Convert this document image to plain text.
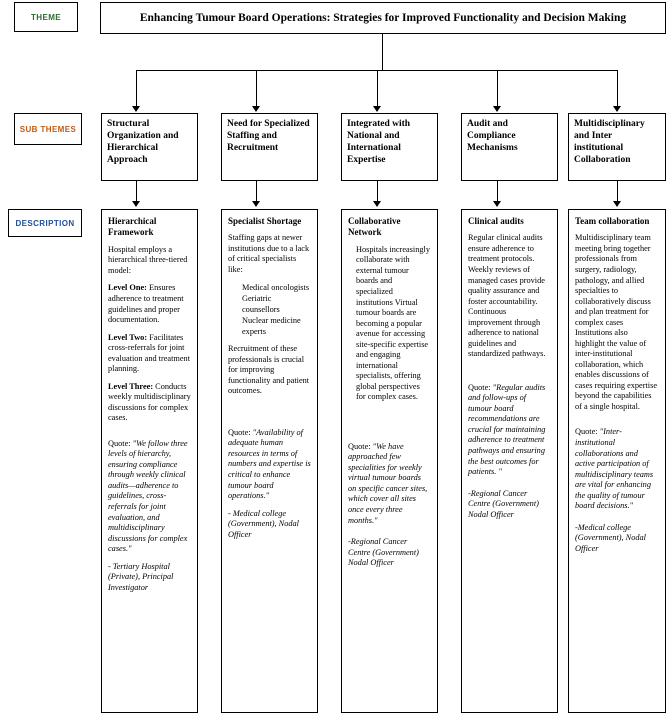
THEME
SUB THEMES
DESCRIPTION
Enhancing Tumour Board Operations: Strategies for Improved Functionality and Decision Making
Structural Organization and Hierarchical Approach
Need for Specialized Staffing and Recruitment
Integrated with National and International Expertise
Audit and Compliance Mechanisms
Multidisciplinary and Inter institutional Collaboration
Hierarchical Framework

Hospital employs a hierarchical three-tiered model:

Level One: Ensures adherence to treatment guidelines and proper documentation.

Level Two: Facilitates cross-referrals for joint evaluation and treatment planning.

Level Three: Conducts weekly multidisciplinary discussions for complex cases.

Quote: "We follow three levels of hierarchy, ensuring compliance through weekly clinical audits—adherence to guidelines, cross-referrals for joint evaluation, and multidisciplinary discussions for complex cases."

- Tertiary Hospital (Private), Principal Investigator

Specialist Shortage

Staffing gaps at newer institutions due to a lack of critical specialists like:

Medical oncologists
Geriatric counsellors
Nuclear medicine experts

Recruitment of these professionals is crucial for improving functionality and patient outcomes.

Quote: "Availability of adequate human resources in terms of numbers and expertise is critical to enhance tumour board operations."

- Medical college (Government), Nodal Officer

Collaborative Network

Hospitals increasingly collaborate with external tumour boards and specialized institutions Virtual tumour boards are becoming a popular avenue for accessing site-specific expertise and engaging international specialists, offering global perspectives for complex cases.

Quote: "We have approached few specialities for weekly virtual tumour boards on specific cancer sites, which cover all sites once every three months."

-Regional Cancer Centre (Government) Nodal Officer

Clinical audits

Regular clinical audits ensure adherence to treatment protocols. Weekly reviews of managed cases provide quality assurance and foster accountability. Continuous improvement through adherence to national guidelines and standardized pathways.

Quote: "Regular audits and follow-ups of tumour board recommendations are crucial for maintaining adherence to treatment pathways and ensuring the best outcomes for patients. "

-Regional Cancer Centre (Government) Nodal Officer

Team collaboration

Multidisciplinary team meeting bring together professionals from surgery, radiology, pathology, and allied specialties to collaboratively discuss and plan treatment for complex cases Institutions also highlight the value of inter-institutional collaboration, which enables discussions of cases requiring expertise beyond the capabilities of a single hospital.

Quote: "Inter-institutional collaborations and active participation of multidisciplinary teams are vital for enhancing the quality of tumour board decisions."

-Medical college (Government), Nodal Officer
